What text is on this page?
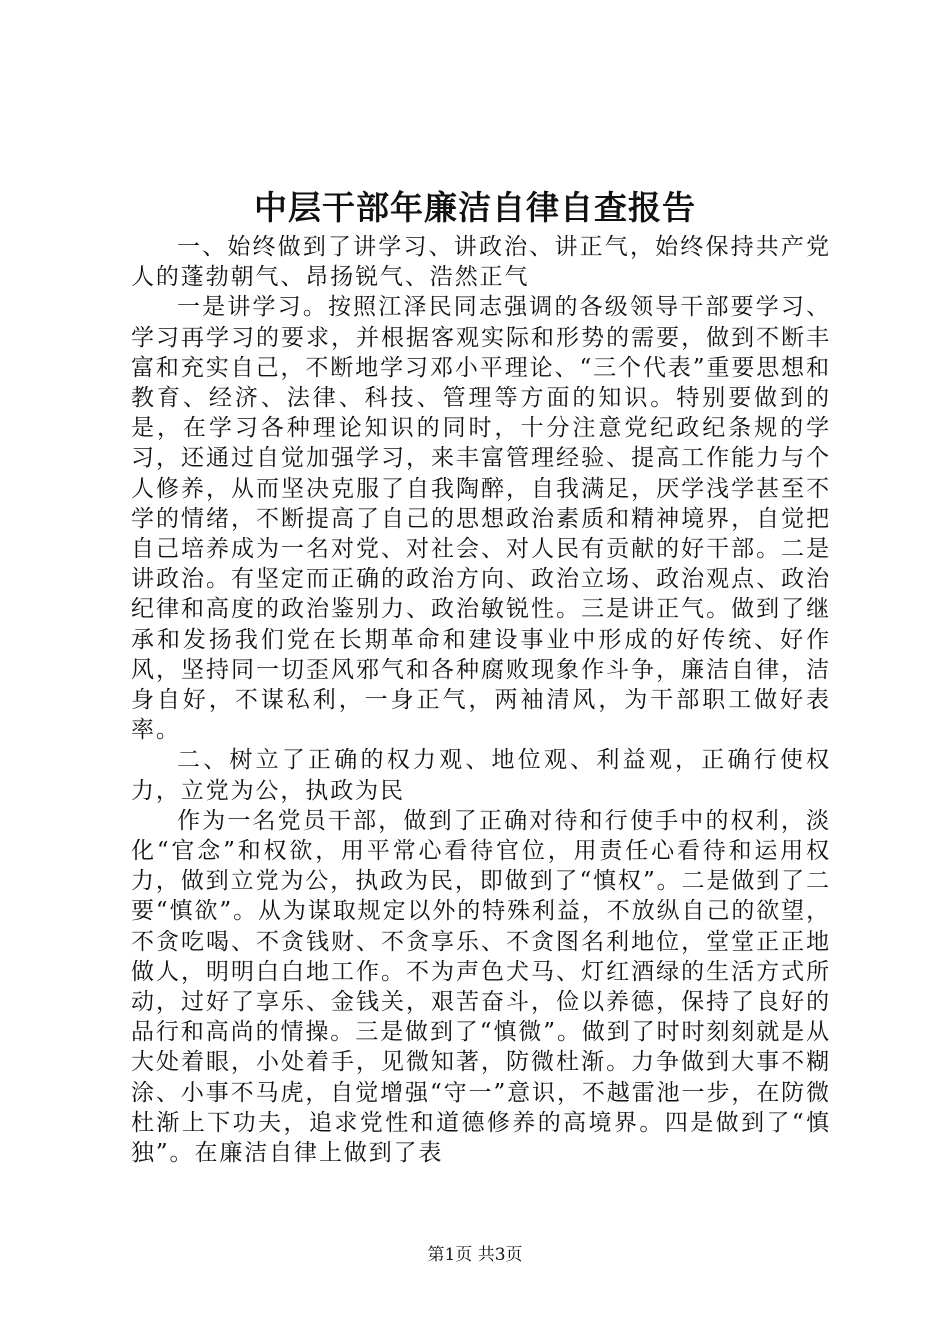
中层干部年廉洁自律自查报告

一、始终做到了讲学习、讲政治、讲正气，始终保持共产党人的蓬勃朝气、昂扬锐气、浩然正气

一是讲学习。按照江泽民同志强调的各级领导干部要学习、学习再学习的要求，并根据客观实际和形势的需要，做到不断丰富和充实自己，不断地学习邓小平理论、“三个代表”重要思想和教育、经济、法律、科技、管理等方面的知识。特别要做到的是，在学习各种理论知识的同时，十分注意党纪政纪条规的学习，还通过自觉加强学习，来丰富管理经验、提高工作能力与个人修养，从而坚决克服了自我陶醉，自我满足，厌学浅学甚至不学的情绪，不断提高了自己的思想政治素质和精神境界，自觉把自己培养成为一名对党、对社会、对人民有贡献的好干部。二是讲政治。有坚定而正确的政治方向、政治立场、政治观点、政治纪律和高度的政治鉴别力、政治敏锐性。三是讲正气。做到了继承和发扬我们党在长期革命和建设事业中形成的好传统、好作风，坚持同一切歪风邪气和各种腐败现象作斗争，廉洁自律，洁身自好，不谋私利，一身正气，两袖清风，为干部职工做好表率。

二、树立了正确的权力观、地位观、利益观，正确行使权力，立党为公，执政为民

作为一名党员干部，做到了正确对待和行使手中的权利，淡化“官念”和权欲，用平常心看待官位，用责任心看待和运用权力，做到立党为公，执政为民，即做到了“慎权”。二是做到了二要“慎欲”。从为谋取规定以外的特殊利益，不放纵自己的欲望，不贪吃喝、不贪钱财、不贪享乐、不贪图名利地位，堂堂正正地做人，明明白白地工作。不为声色犬马、灯红酒绿的生活方式所动，过好了享乐、金钱关，艰苦奋斗，俭以养德，保持了良好的品行和高尚的情操。三是做到了“慎微”。做到了时时刻刻就是从大处着眼，小处着手，见微知著，防微杜渐。力争做到大事不糊涂、小事不马虎，自觉增强“守一”意识，不越雷池一步，在防微杜渐上下功夫，追求党性和道德修养的高境界。四是做到了“慎独”。在廉洁自律上做到了表

第1页 共3页
